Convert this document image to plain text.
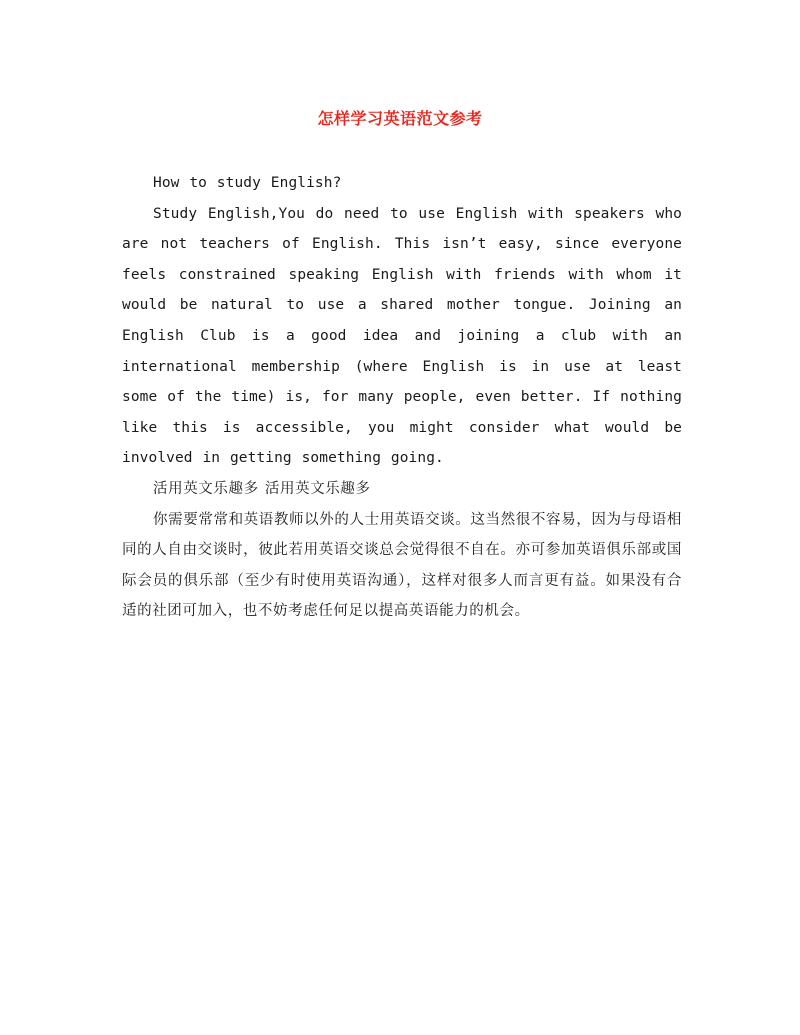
怎样学习英语范文参考

How to study English?

Study English,You do need to use English with speakers who are not teachers of English. This isn’t easy, since everyone feels constrained speaking English with friends with whom it would be natural to use a shared mother tongue. Joining an English Club is a good idea and joining a club with an international membership (where English is in use at least some of the time) is, for many people, even better. If nothing like this is accessible, you might consider what would be involved in getting something going.

活用英文乐趣多 活用英文乐趣多

你需要常常和英语教师以外的人士用英语交谈。这当然很不容易，因为与母语相同的人自由交谈时，彼此若用英语交谈总会觉得很不自在。亦可参加英语俱乐部或国际会员的俱乐部（至少有时使用英语沟通），这样对很多人而言更有益。如果没有合适的社团可加入，也不妨考虑任何足以提高英语能力的机会。
